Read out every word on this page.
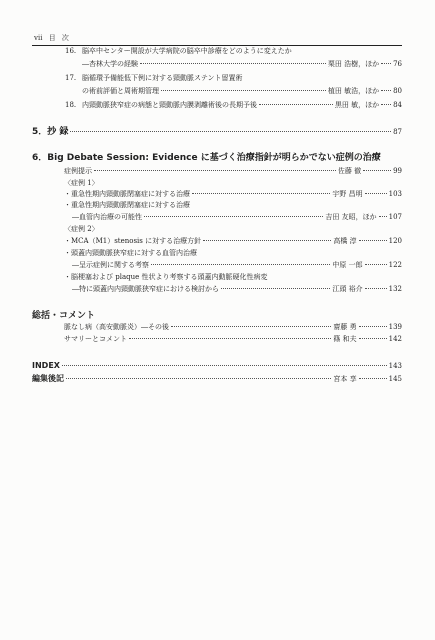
ⅶ 目 次
16. 脳卒中センター開設が大学病院の脳卒中診療をどのように変えたか
―杏林大学の経験	栗田 浩樹，ほか 76
17. 脳循環予備能低下例に対する頸動脈ステント留置術
の術前評価と周術期管理	植田 敏浩，ほか 80
18. 内頸動脈狭窄症の病態と頸動脈内膜剥離術後の長期予後	黒田 敏，ほか 84
5．抄 録	87
6．Big Debate Session: Evidence に基づく治療指針が明らかでない症例の治療
症例提示	佐藤 徹	99
〈症例 1〉
・重急性期内頸動脈閉塞症に対する治療	宇野 昌明	103
・重急性期内頸動脈閉塞症に対する治療
―血管内治療の可能性	吉田 友昭，ほか 107
〈症例 2〉
・MCA（M1）stenosis に対する治療方針	高橋 淳	120
・頭蓋内頸動脈狭窄症に対する血管内治療
―呈示症例に関する考察	中原 一郎	122
・脳梗塞および plaque 性状より考察する頭蓋内動脈硬化性病変
―特に頭蓋内内頸動脈狭窄症における検討から	江頭 裕介	132
総括・コメント
脈なし病（高安動脈炎）―その後	齋藤 勇	139
サマリーとコメント	篠 和夫	142
INDEX	143
編集後記	宮本 享	145
